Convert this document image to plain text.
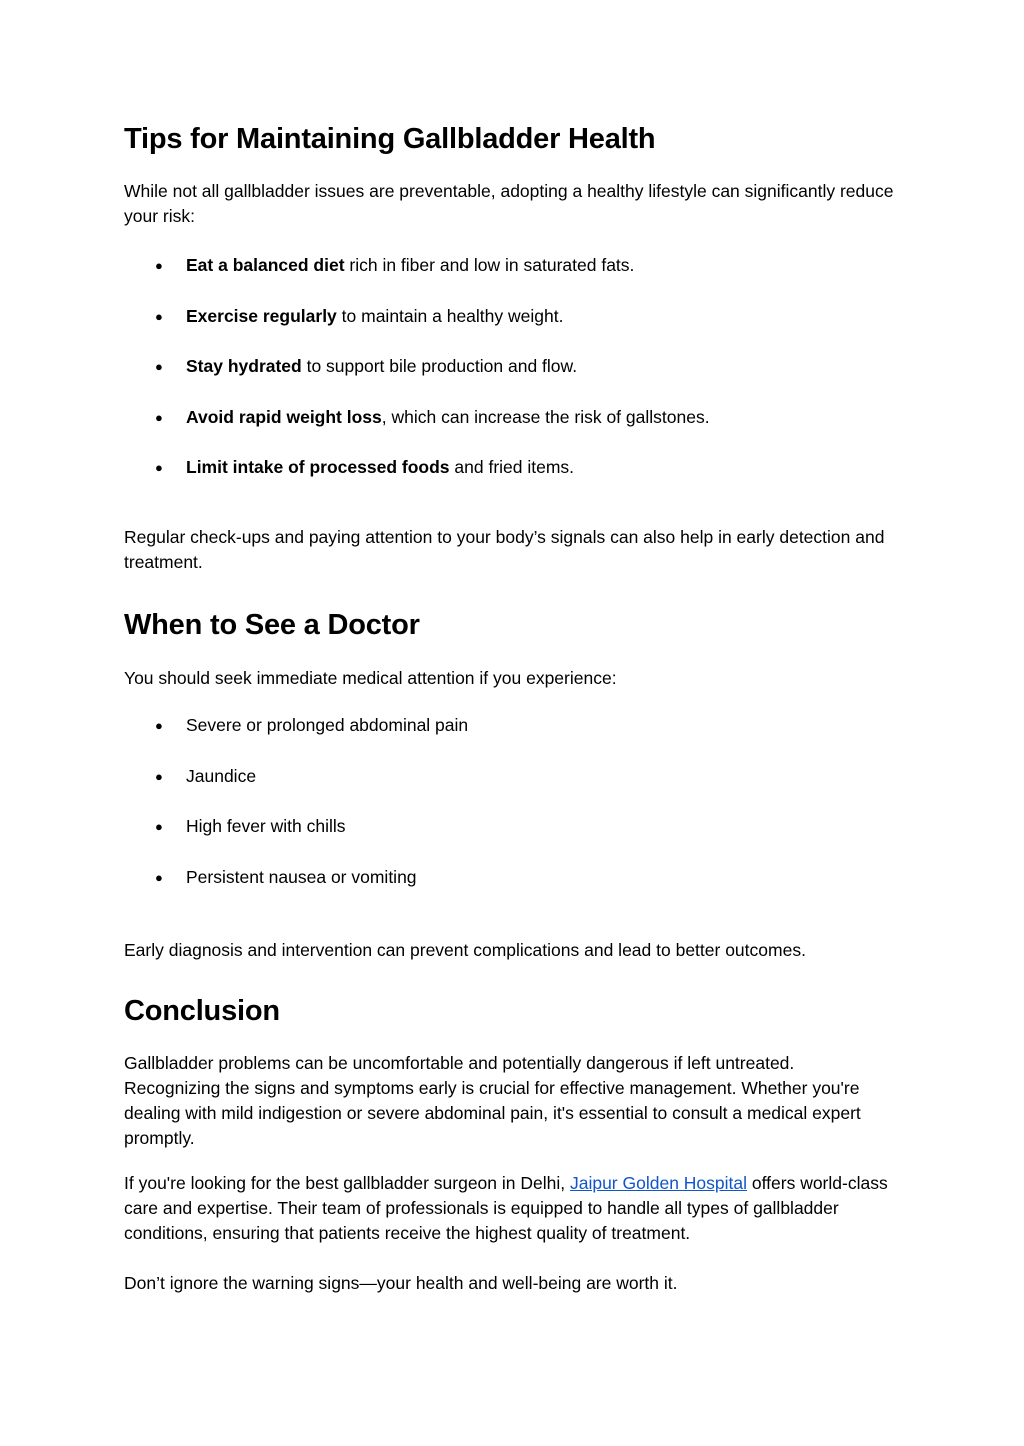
Tips for Maintaining Gallbladder Health

While not all gallbladder issues are preventable, adopting a healthy lifestyle can significantly reduce your risk:

● Eat a balanced diet rich in fiber and low in saturated fats.
● Exercise regularly to maintain a healthy weight.
● Stay hydrated to support bile production and flow.
● Avoid rapid weight loss, which can increase the risk of gallstones.
● Limit intake of processed foods and fried items.

Regular check-ups and paying attention to your body’s signals can also help in early detection and treatment.

When to See a Doctor

You should seek immediate medical attention if you experience:

● Severe or prolonged abdominal pain
● Jaundice
● High fever with chills
● Persistent nausea or vomiting

Early diagnosis and intervention can prevent complications and lead to better outcomes.

Conclusion

Gallbladder problems can be uncomfortable and potentially dangerous if left untreated. Recognizing the signs and symptoms early is crucial for effective management. Whether you're dealing with mild indigestion or severe abdominal pain, it's essential to consult a medical expert promptly.

If you're looking for the best gallbladder surgeon in Delhi, Jaipur Golden Hospital offers world-class care and expertise. Their team of professionals is equipped to handle all types of gallbladder conditions, ensuring that patients receive the highest quality of treatment.

Don’t ignore the warning signs—your health and well-being are worth it.
